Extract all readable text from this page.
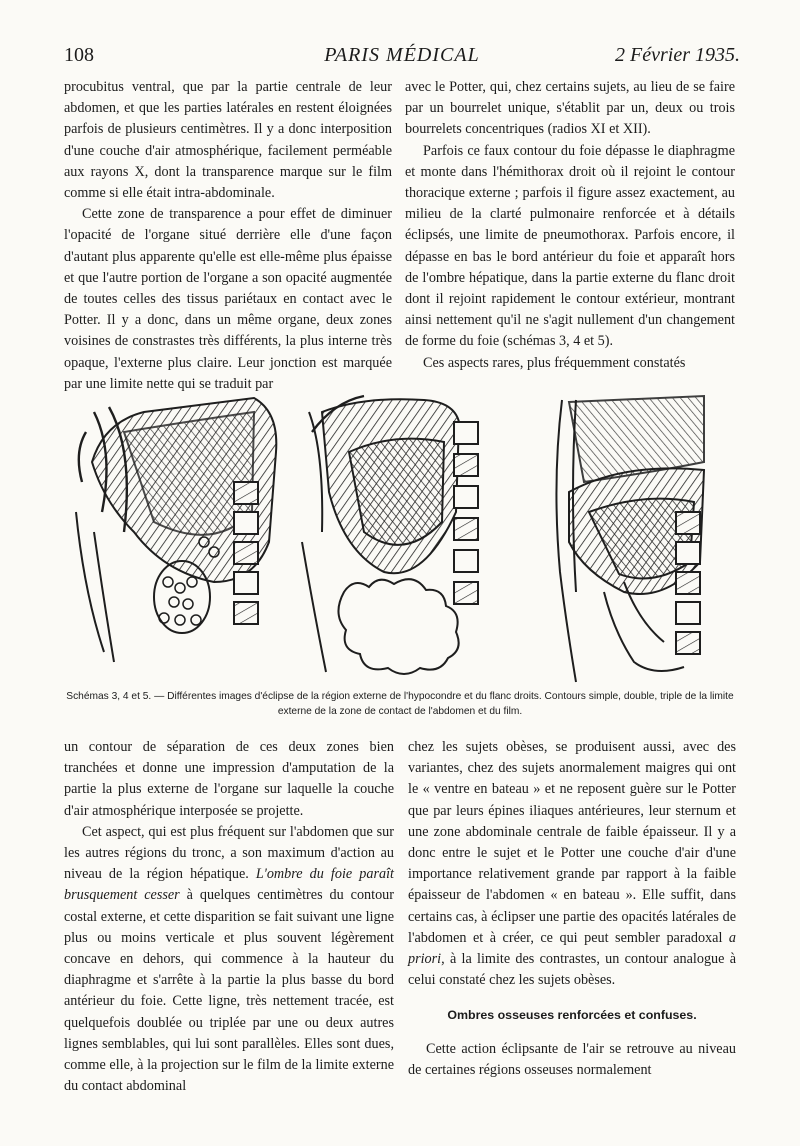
108	PARIS MÉDICAL	2 Février 1935.

procubitus ventral, que par la partie centrale de leur abdomen, et que les parties latérales en restent éloignées parfois de plusieurs centimètres. Il y a donc interposition d'une couche d'air atmosphérique, facilement perméable aux rayons X, dont la transparence marque sur le film comme si elle était intra-abdominale.

Cette zone de transparence a pour effet de diminuer l'opacité de l'organe situé derrière elle d'une façon d'autant plus apparente qu'elle est elle-même plus épaisse et que l'autre portion de l'organe a son opacité augmentée de toutes celles des tissus pariétaux en contact avec le Potter. Il y a donc, dans un même organe, deux zones voisines de constrastes très différents, la plus interne très opaque, l'externe plus claire. Leur jonction est marquée par une limite nette qui se traduit par

avec le Potter, qui, chez certains sujets, au lieu de se faire par un bourrelet unique, s'établit par un, deux ou trois bourrelets concentriques (radios XI et XII).

Parfois ce faux contour du foie dépasse le diaphragme et monte dans l'hémithorax droit où il rejoint le contour thoracique externe ; parfois il figure assez exactement, au milieu de la clarté pulmonaire renforcée et à détails éclipsés, une limite de pneumothorax. Parfois encore, il dépasse en bas le bord antérieur du foie et apparaît hors de l'ombre hépatique, dans la partie externe du flanc droit dont il rejoint rapidement le contour extérieur, montrant ainsi nettement qu'il ne s'agit nullement d'un changement de forme du foie (schémas 3, 4 et 5).

Ces aspects rares, plus fréquemment constatés

Schémas 3, 4 et 5. — Différentes images d'éclipse de la région externe de l'hypocondre et du flanc droits. Contours simple, double, triple de la limite externe de la zone de contact de l'abdomen et du film.

un contour de séparation de ces deux zones bien tranchées et donne une impression d'amputation de la partie la plus externe de l'organe sur laquelle la couche d'air atmosphérique interposée se projette.

Cet aspect, qui est plus fréquent sur l'abdomen que sur les autres régions du tronc, a son maximum d'action au niveau de la région hépatique. L'ombre du foie paraît brusquement cesser à quelques centimètres du contour costal externe, et cette disparition se fait suivant une ligne plus ou moins verticale et plus souvent légèrement concave en dehors, qui commence à la hauteur du diaphragme et s'arrête à la partie la plus basse du bord antérieur du foie. Cette ligne, très nettement tracée, est quelquefois doublée ou triplée par une ou deux autres lignes semblables, qui lui sont parallèles. Elles sont dues, comme elle, à la projection sur le film de la limite externe du contact abdominal

chez les sujets obèses, se produisent aussi, avec des variantes, chez des sujets anormalement maigres qui ont le « ventre en bateau » et ne reposent guère sur le Potter que par leurs épines iliaques antérieures, leur sternum et une zone abdominale centrale de faible épaisseur. Il y a donc entre le sujet et le Potter une couche d'air d'une importance relativement grande par rapport à la faible épaisseur de l'abdomen « en bateau ». Elle suffit, dans certains cas, à éclipser une partie des opacités latérales de l'abdomen et à créer, ce qui peut sembler paradoxal a priori, à la limite des contrastes, un contour analogue à celui constaté chez les sujets obèses.

Ombres osseuses renforcées et confuses.

Cette action éclipsante de l'air se retrouve au niveau de certaines régions osseuses normalement
